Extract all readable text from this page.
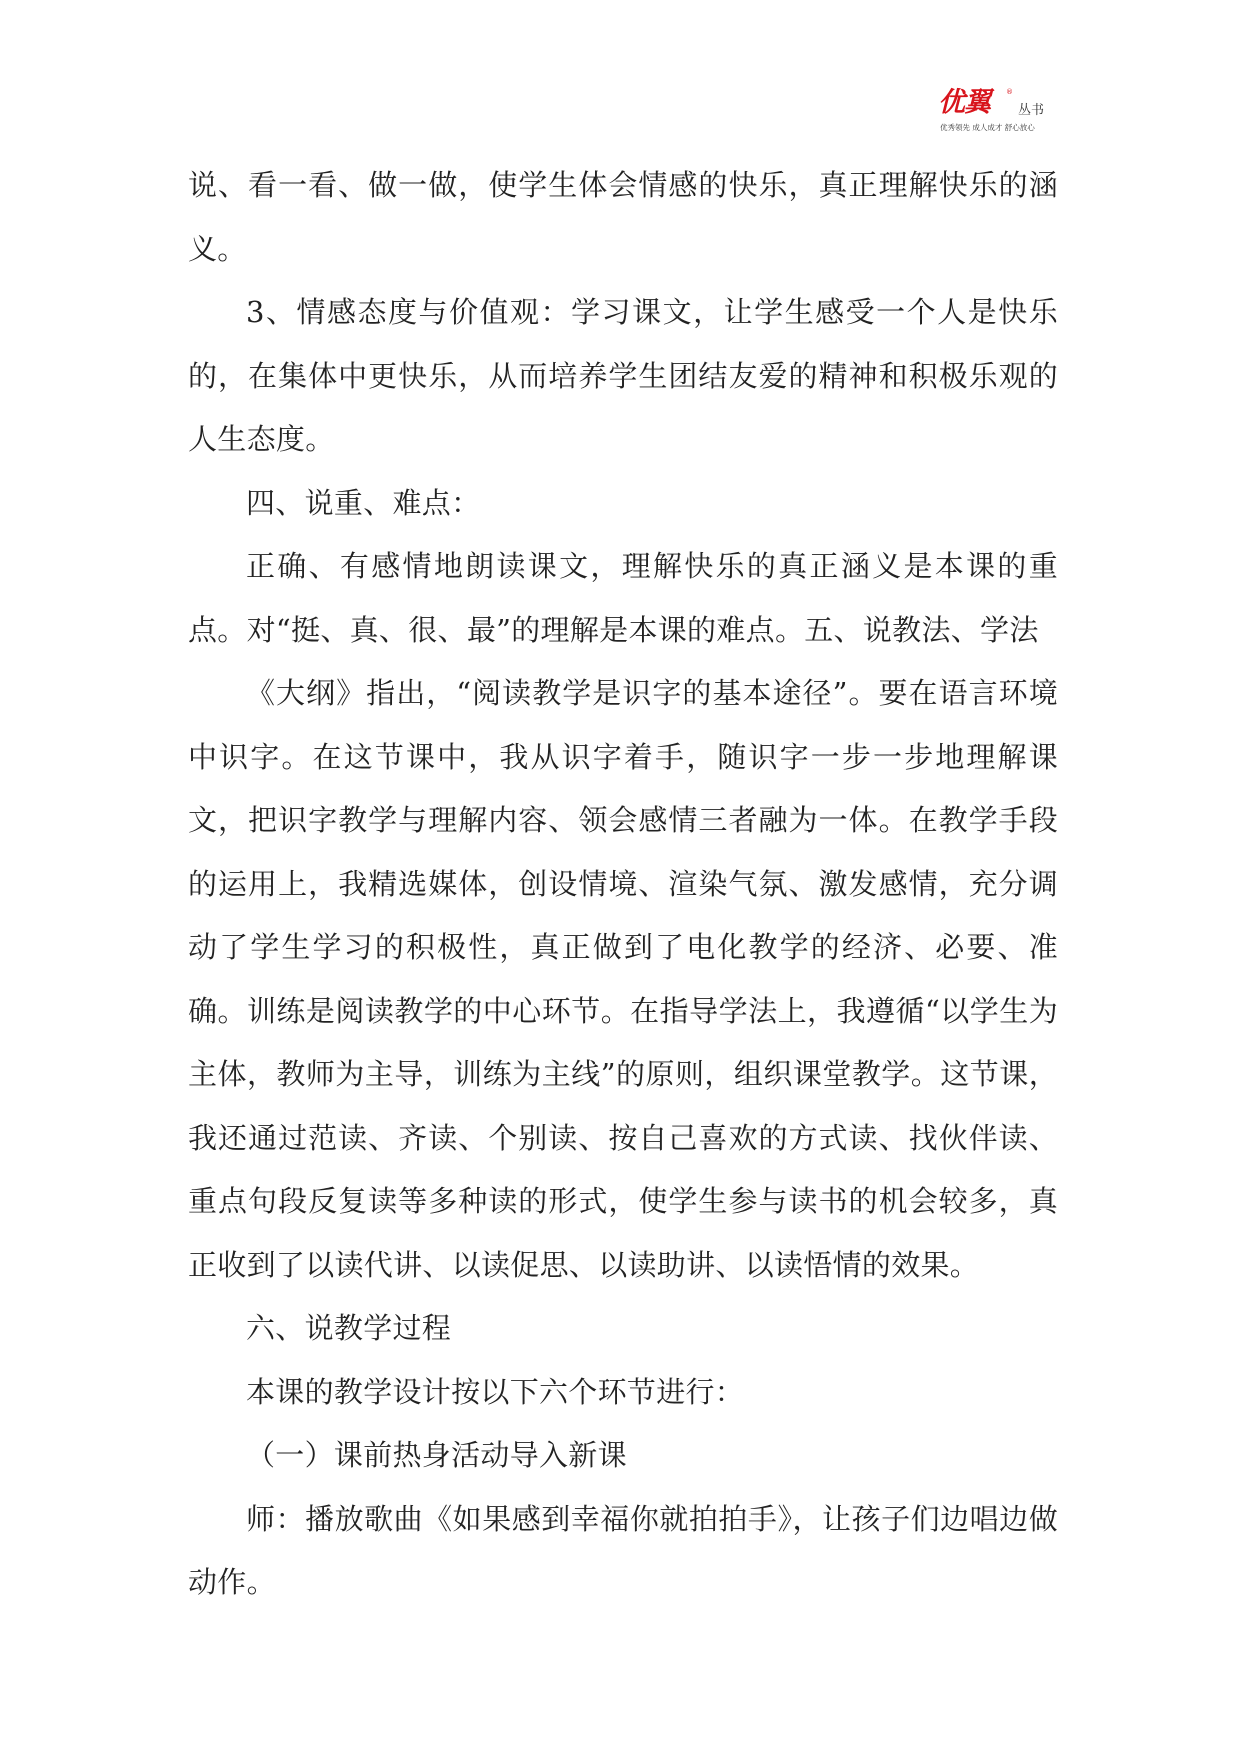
优翼 ®
丛书
优秀领先 成人成才 舒心放心

说、看一看、做一做，使学生体会情感的快乐，真正理解快乐的涵义。

3、情感态度与价值观：学习课文，让学生感受一个人是快乐的，在集体中更快乐，从而培养学生团结友爱的精神和积极乐观的人生态度。

四、说重、难点：

正确、有感情地朗读课文，理解快乐的真正涵义是本课的重点。对“挺、真、很、最”的理解是本课的难点。五、说教法、学法

《大纲》指出，“阅读教学是识字的基本途径”。要在语言环境中识字。在这节课中，我从识字着手，随识字一步一步地理解课文，把识字教学与理解内容、领会感情三者融为一体。在教学手段的运用上，我精选媒体，创设情境、渲染气氛、激发感情，充分调动了学生学习的积极性，真正做到了电化教学的经济、必要、准确。训练是阅读教学的中心环节。在指导学法上，我遵循“以学生为主体，教师为主导，训练为主线”的原则，组织课堂教学。这节课，我还通过范读、齐读、个别读、按自己喜欢的方式读、找伙伴读、重点句段反复读等多种读的形式，使学生参与读书的机会较多，真正收到了以读代讲、以读促思、以读助讲、以读悟情的效果。

六、说教学过程

本课的教学设计按以下六个环节进行：

（一）课前热身活动导入新课

师：播放歌曲《如果感到幸福你就拍拍手》，让孩子们边唱边做动作。
